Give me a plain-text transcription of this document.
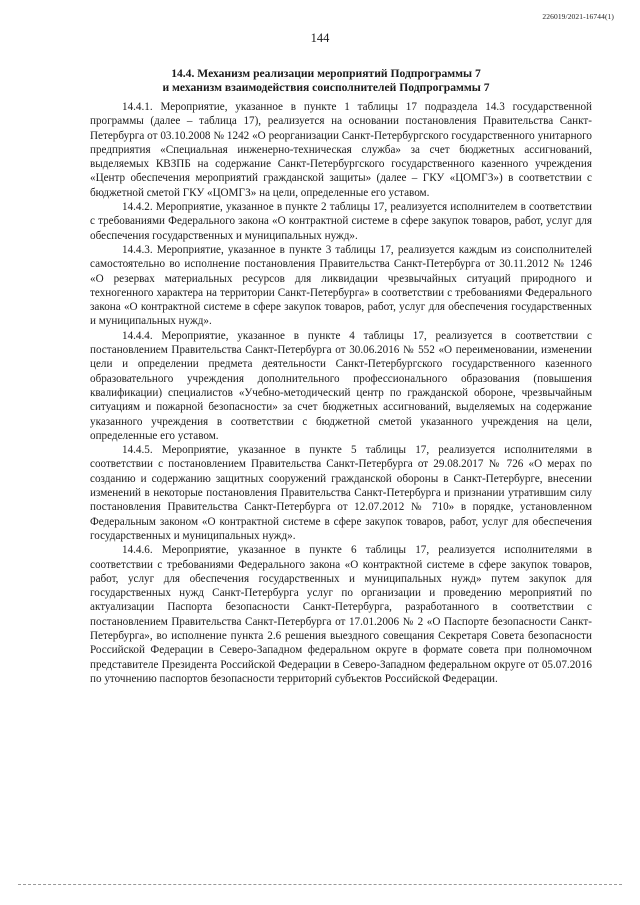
226019/2021-16744(1)
144
14.4. Механизм реализации мероприятий Подпрограммы 7
и механизм взаимодействия соисполнителей Подпрограммы 7

14.4.1. Мероприятие, указанное в пункте 1 таблицы 17 подраздела 14.3 государственной программы (далее – таблица 17), реализуется на основании постановления Правительства Санкт-Петербурга от 03.10.2008 № 1242 «О реорганизации Санкт-Петербургского государственного унитарного предприятия «Специальная инженерно-техническая служба» за счет бюджетных ассигнований, выделяемых КВЗПБ на содержание Санкт-Петербургского государственного казенного учреждения «Центр обеспечения мероприятий гражданской защиты» (далее – ГКУ «ЦОМГЗ») в соответствии с бюджетной сметой ГКУ «ЦОМГЗ» на цели, определенные его уставом.

14.4.2. Мероприятие, указанное в пункте 2 таблицы 17, реализуется исполнителем в соответствии с требованиями Федерального закона «О контрактной системе в сфере закупок товаров, работ, услуг для обеспечения государственных и муниципальных нужд».

14.4.3. Мероприятие, указанное в пункте 3 таблицы 17, реализуется каждым из соисполнителей самостоятельно во исполнение постановления Правительства Санкт-Петербурга от 30.11.2012 № 1246 «О резервах материальных ресурсов для ликвидации чрезвычайных ситуаций природного и техногенного характера на территории Санкт-Петербурга» в соответствии с требованиями Федерального закона «О контрактной системе в сфере закупок товаров, работ, услуг для обеспечения государственных и муниципальных нужд».

14.4.4. Мероприятие, указанное в пункте 4 таблицы 17, реализуется в соответствии с постановлением Правительства Санкт-Петербурга от 30.06.2016 № 552 «О переименовании, изменении цели и определении предмета деятельности Санкт-Петербургского государственного казенного образовательного учреждения дополнительного профессионального образования (повышения квалификации) специалистов «Учебно-методический центр по гражданской обороне, чрезвычайным ситуациям и пожарной безопасности» за счет бюджетных ассигнований, выделяемых на содержание указанного учреждения в соответствии с бюджетной сметой указанного учреждения на цели, определенные его уставом.

14.4.5. Мероприятие, указанное в пункте 5 таблицы 17, реализуется исполнителями в соответствии с постановлением Правительства Санкт-Петербурга от 29.08.2017 № 726 «О мерах по созданию и содержанию защитных сооружений гражданской обороны в Санкт-Петербурге, внесении изменений в некоторые постановления Правительства Санкт-Петербурга и признании утратившим силу постановления Правительства Санкт-Петербурга от 12.07.2012 № 710» в порядке, установленном Федеральным законом «О контрактной системе в сфере закупок товаров, работ, услуг для обеспечения государственных и муниципальных нужд».

14.4.6. Мероприятие, указанное в пункте 6 таблицы 17, реализуется исполнителями в соответствии с требованиями Федерального закона «О контрактной системе в сфере закупок товаров, работ, услуг для обеспечения государственных и муниципальных нужд» путем закупок для государственных нужд Санкт-Петербурга услуг по организации и проведению мероприятий по актуализации Паспорта безопасности Санкт-Петербурга, разработанного в соответствии с постановлением Правительства Санкт-Петербурга от 17.01.2006 № 2 «О Паспорте безопасности Санкт-Петербурга», во исполнение пункта 2.6 решения выездного совещания Секретаря Совета безопасности Российской Федерации в Северо-Западном федеральном округе в формате совета при полномочном представителе Президента Российской Федерации в Северо-Западном федеральном округе от 05.07.2016 по уточнению паспортов безопасности территорий субъектов Российской Федерации.
